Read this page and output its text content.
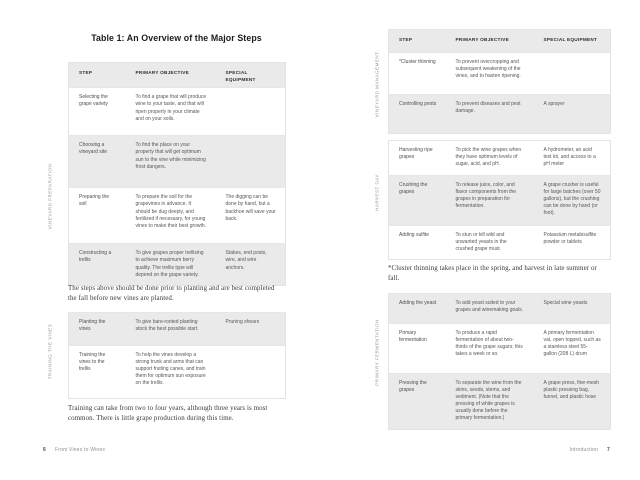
VINEYARD PREPARATION
TRAINING THE VINES
Table 1: An Overview of the Major Steps
STEP	PRIMARY OBJECTIVE	SPECIAL EQUIPMENT
Selecting the grape variety	To find a grape that will produce wine to your taste, and that will ripen properly in your climate and on your soils.	
Choosing a vineyard site	To find the place on your property that will get optimum sun to the vine while minimizing frost dangers.	
Preparing the soil	To prepare the soil for the grapevines in advance. It should be dug deeply, and fertilized if necessary, for young vines to make their best growth.	The digging can be done by hand, but a backhoe will save your back.
Constructing a trellis	To give grapes proper trellising to achieve maximum berry quality. The trellis type will depend on the grape variety.	Stakes, end posts, wire, and wire anchors.
The steps above should be done prior to planting and are best completed the fall before new vines are planted.
Planting the vines	To give bare-rooted planting stock the best possible start.	Pruning shears
Training the vines to the trellis	To help the vines develop a strong trunk and arms that can support fruiting canes, and train them for optimum sun exposure on the trellis.	
Training can take from two to four years, although three years is most common. There is little grape production during this time.
6 From Vines to Wines
VINEYARD MANAGEMENT
HARVEST DAY
PRIMARY FERMENTATION
STEP	PRIMARY OBJECTIVE	SPECIAL EQUIPMENT
*Cluster thinning	To prevent overcropping and subsequent weakening of the vines, and to hasten ripening.	
Controlling pests	To prevent diseases and pest damage.	A sprayer
Harvesting ripe grapes	To pick the wine grapes when they have optimum levels of sugar, acid, and pH.	A hydrometer, an acid test kit, and access to a pH meter
Crushing the grapes	To release juice, color, and flavor components from the grapes in preparation for fermentation.	A grape crusher is useful for large batches (over 50 gallons), but the crushing can be done by hand (or foot).
Adding sulfite	To stun or kill wild and unwanted yeasts in the crushed grape must.	Potassium metabisulfite powder or tablets
*Cluster thinning takes place in the spring, and harvest in late summer or fall.
Adding the yeast	To add yeast suited to your grapes and winemaking goals.	Special wine yeasts
Primary fermentation	To produce a rapid fermentation of about two-thirds of the grape sugars; this takes a week or so.	A primary fermentation vat, open topped, such as a stainless steel 55-gallon (208 L) drum
Pressing the grapes	To separate the wine from the skins, seeds, stems, and sediment. (Note that the pressing of white grapes is usually done before the primary fermentation.)	A grape press, fine-mesh plastic pressing bag, funnel, and plastic hose
Introduction 7
